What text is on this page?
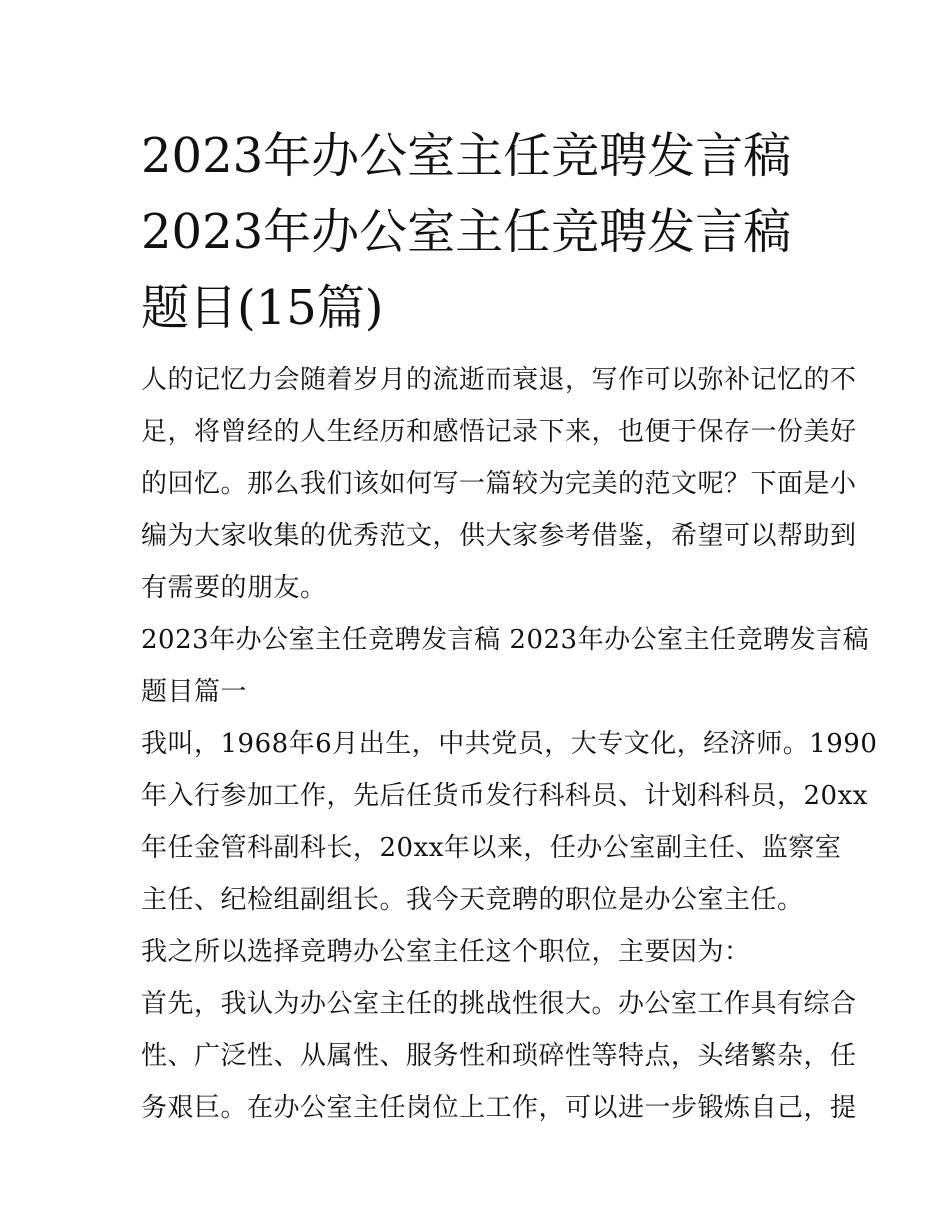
2023年办公室主任竞聘发言稿
2023年办公室主任竞聘发言稿
题目(15篇)

人的记忆力会随着岁月的流逝而衰退，写作可以弥补记忆的不
足，将曾经的人生经历和感悟记录下来，也便于保存一份美好
的回忆。那么我们该如何写一篇较为完美的范文呢？下面是小
编为大家收集的优秀范文，供大家参考借鉴，希望可以帮助到
有需要的朋友。

2023年办公室主任竞聘发言稿 2023年办公室主任竞聘发言稿
题目篇一

我叫，1968年6月出生，中共党员，大专文化，经济师。1990
年入行参加工作，先后任货币发行科科员、计划科科员，20xx
年任金管科副科长，20xx年以来，任办公室副主任、监察室
主任、纪检组副组长。我今天竞聘的职位是办公室主任。

我之所以选择竞聘办公室主任这个职位，主要因为：

首先，我认为办公室主任的挑战性很大。办公室工作具有综合
性、广泛性、从属性、服务性和琐碎性等特点，头绪繁杂，任
务艰巨。在办公室主任岗位上工作，可以进一步锻炼自己，提
